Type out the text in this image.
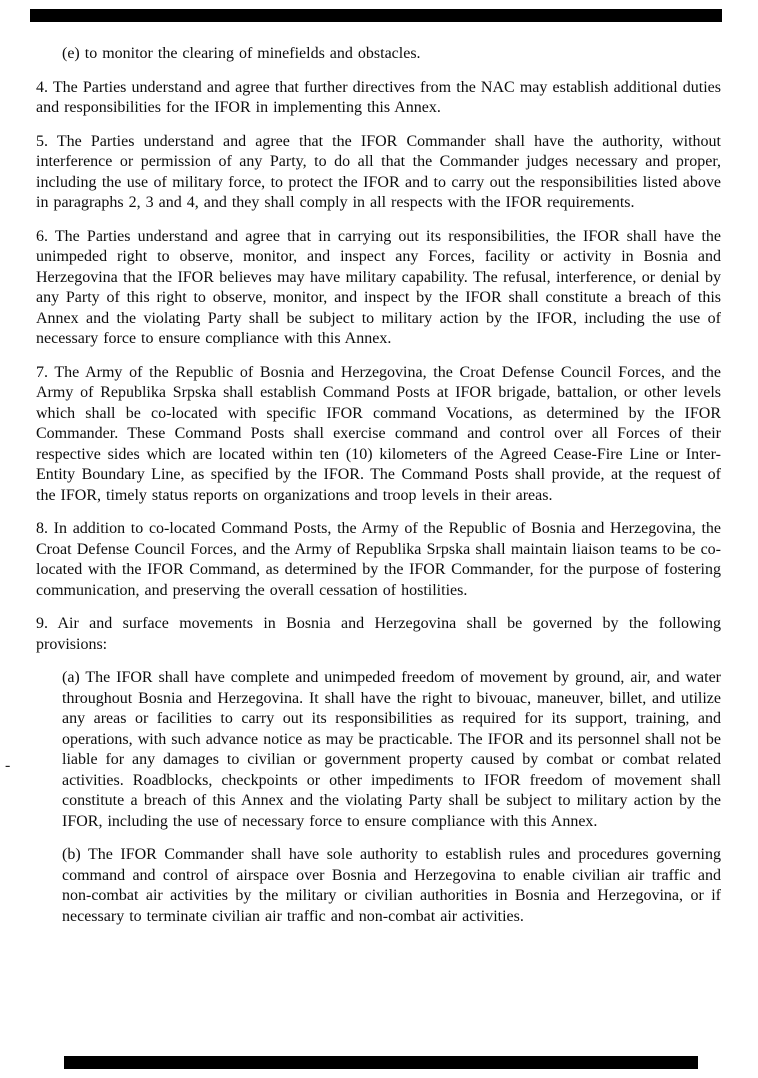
(e) to monitor the clearing of minefields and obstacles.

4. The Parties understand and agree that further directives from the NAC may establish additional duties and responsibilities for the IFOR in implementing this Annex.

5. The Parties understand and agree that the IFOR Commander shall have the authority, without interference or permission of any Party, to do all that the Commander judges necessary and proper, including the use of military force, to protect the IFOR and to carry out the responsibilities listed above in paragraphs 2, 3 and 4, and they shall comply in all respects with the IFOR requirements.

6. The Parties understand and agree that in carrying out its responsibilities, the IFOR shall have the unimpeded right to observe, monitor, and inspect any Forces, facility or activity in Bosnia and Herzegovina that the IFOR believes may have military capability. The refusal, interference, or denial by any Party of this right to observe, monitor, and inspect by the IFOR shall constitute a breach of this Annex and the violating Party shall be subject to military action by the IFOR, including the use of necessary force to ensure compliance with this Annex.

7. The Army of the Republic of Bosnia and Herzegovina, the Croat Defense Council Forces, and the Army of Republika Srpska shall establish Command Posts at IFOR brigade, battalion, or other levels which shall be co-located with specific IFOR command Vocations, as determined by the IFOR Commander. These Command Posts shall exercise command and control over all Forces of their respective sides which are located within ten (10) kilometers of the Agreed Cease-Fire Line or Inter-Entity Boundary Line, as specified by the IFOR. The Command Posts shall provide, at the request of the IFOR, timely status reports on organizations and troop levels in their areas.

8. In addition to co-located Command Posts, the Army of the Republic of Bosnia and Herzegovina, the Croat Defense Council Forces, and the Army of Republika Srpska shall maintain liaison teams to be co-located with the IFOR Command, as determined by the IFOR Commander, for the purpose of fostering communication, and preserving the overall cessation of hostilities.

9. Air and surface movements in Bosnia and Herzegovina shall be governed by the following provisions:

(a) The IFOR shall have complete and unimpeded freedom of movement by ground, air, and water throughout Bosnia and Herzegovina. It shall have the right to bivouac, maneuver, billet, and utilize any areas or facilities to carry out its responsibilities as required for its support, training, and operations, with such advance notice as may be practicable. The IFOR and its personnel shall not be liable for any damages to civilian or government property caused by combat or combat related activities. Roadblocks, checkpoints or other impediments to IFOR freedom of movement shall constitute a breach of this Annex and the violating Party shall be subject to military action by the IFOR, including the use of necessary force to ensure compliance with this Annex.

(b) The IFOR Commander shall have sole authority to establish rules and procedures governing command and control of airspace over Bosnia and Herzegovina to enable civilian air traffic and non-combat air activities by the military or civilian authorities in Bosnia and Herzegovina, or if necessary to terminate civilian air traffic and non-combat air activities.

-
